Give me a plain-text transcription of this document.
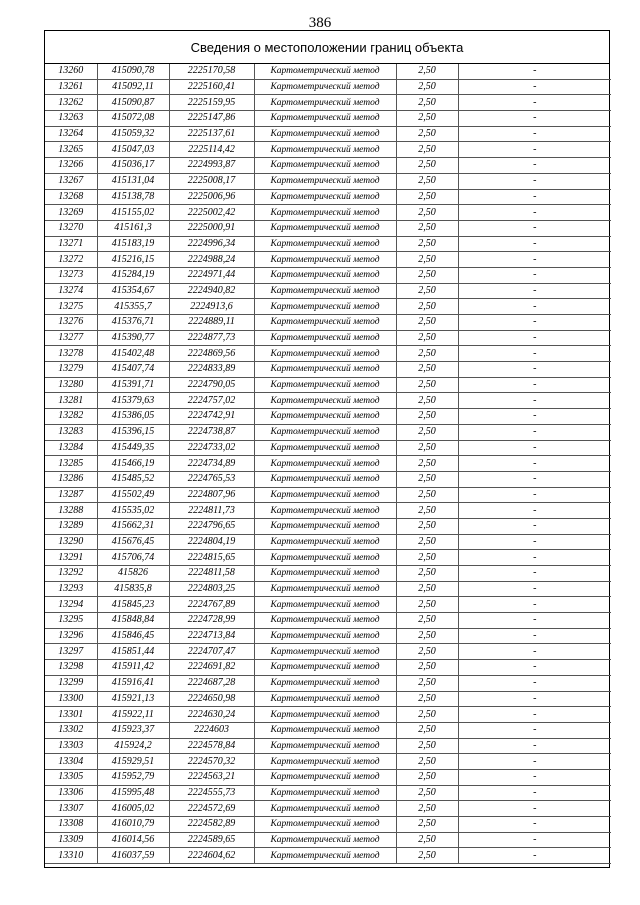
386
Сведения о местоположении границ объекта
13260	415090,78	2225170,58	Картометрический метод	2,50	-
13261	415092,11	2225160,41	Картометрический метод	2,50	-
13262	415090,87	2225159,95	Картометрический метод	2,50	-
13263	415072,08	2225147,86	Картометрический метод	2,50	-
13264	415059,32	2225137,61	Картометрический метод	2,50	-
13265	415047,03	2225114,42	Картометрический метод	2,50	-
13266	415036,17	2224993,87	Картометрический метод	2,50	-
13267	415131,04	2225008,17	Картометрический метод	2,50	-
13268	415138,78	2225006,96	Картометрический метод	2,50	-
13269	415155,02	2225002,42	Картометрический метод	2,50	-
13270	415161,3	2225000,91	Картометрический метод	2,50	-
13271	415183,19	2224996,34	Картометрический метод	2,50	-
13272	415216,15	2224988,24	Картометрический метод	2,50	-
13273	415284,19	2224971,44	Картометрический метод	2,50	-
13274	415354,67	2224940,82	Картометрический метод	2,50	-
13275	415355,7	2224913,6	Картометрический метод	2,50	-
13276	415376,71	2224889,11	Картометрический метод	2,50	-
13277	415390,77	2224877,73	Картометрический метод	2,50	-
13278	415402,48	2224869,56	Картометрический метод	2,50	-
13279	415407,74	2224833,89	Картометрический метод	2,50	-
13280	415391,71	2224790,05	Картометрический метод	2,50	-
13281	415379,63	2224757,02	Картометрический метод	2,50	-
13282	415386,05	2224742,91	Картометрический метод	2,50	-
13283	415396,15	2224738,87	Картометрический метод	2,50	-
13284	415449,35	2224733,02	Картометрический метод	2,50	-
13285	415466,19	2224734,89	Картометрический метод	2,50	-
13286	415485,52	2224765,53	Картометрический метод	2,50	-
13287	415502,49	2224807,96	Картометрический метод	2,50	-
13288	415535,02	2224811,73	Картометрический метод	2,50	-
13289	415662,31	2224796,65	Картометрический метод	2,50	-
13290	415676,45	2224804,19	Картометрический метод	2,50	-
13291	415706,74	2224815,65	Картометрический метод	2,50	-
13292	415826	2224811,58	Картометрический метод	2,50	-
13293	415835,8	2224803,25	Картометрический метод	2,50	-
13294	415845,23	2224767,89	Картометрический метод	2,50	-
13295	415848,84	2224728,99	Картометрический метод	2,50	-
13296	415846,45	2224713,84	Картометрический метод	2,50	-
13297	415851,44	2224707,47	Картометрический метод	2,50	-
13298	415911,42	2224691,82	Картометрический метод	2,50	-
13299	415916,41	2224687,28	Картометрический метод	2,50	-
13300	415921,13	2224650,98	Картометрический метод	2,50	-
13301	415922,11	2224630,24	Картометрический метод	2,50	-
13302	415923,37	2224603	Картометрический метод	2,50	-
13303	415924,2	2224578,84	Картометрический метод	2,50	-
13304	415929,51	2224570,32	Картометрический метод	2,50	-
13305	415952,79	2224563,21	Картометрический метод	2,50	-
13306	415995,48	2224555,73	Картометрический метод	2,50	-
13307	416005,02	2224572,69	Картометрический метод	2,50	-
13308	416010,79	2224582,89	Картометрический метод	2,50	-
13309	416014,56	2224589,65	Картометрический метод	2,50	-
13310	416037,59	2224604,62	Картометрический метод	2,50	-
